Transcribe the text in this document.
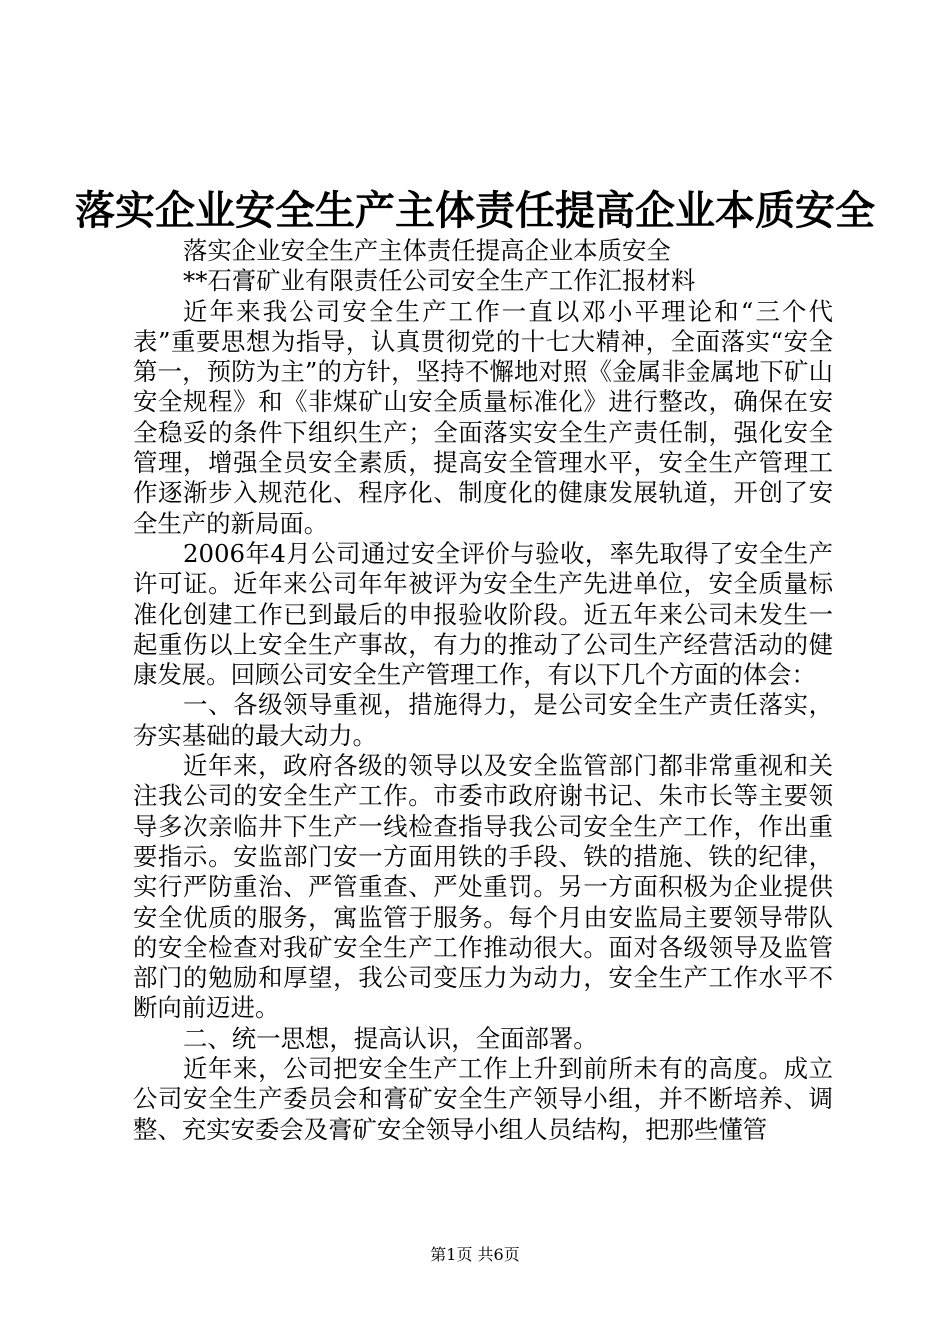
落实企业安全生产主体责任提高企业本质安全

落实企业安全生产主体责任提高企业本质安全

**石膏矿业有限责任公司安全生产工作汇报材料

近年来我公司安全生产工作一直以邓小平理论和“三个代表”重要思想为指导，认真贯彻党的十七大精神，全面落实“安全第一，预防为主”的方针，坚持不懈地对照《金属非金属地下矿山安全规程》和《非煤矿山安全质量标准化》进行整改，确保在安全稳妥的条件下组织生产；全面落实安全生产责任制，强化安全管理，增强全员安全素质，提高安全管理水平，安全生产管理工作逐渐步入规范化、程序化、制度化的健康发展轨道，开创了安全生产的新局面。

2006年4月公司通过安全评价与验收，率先取得了安全生产许可证。近年来公司年年被评为安全生产先进单位，安全质量标准化创建工作已到最后的申报验收阶段。近五年来公司未发生一起重伤以上安全生产事故，有力的推动了公司生产经营活动的健康发展。回顾公司安全生产管理工作，有以下几个方面的体会：

一、各级领导重视，措施得力，是公司安全生产责任落实，夯实基础的最大动力。

近年来，政府各级的领导以及安全监管部门都非常重视和关注我公司的安全生产工作。市委市政府谢书记、朱市长等主要领导多次亲临井下生产一线检查指导我公司安全生产工作，作出重要指示。安监部门安一方面用铁的手段、铁的措施、铁的纪律，实行严防重治、严管重查、严处重罚。另一方面积极为企业提供安全优质的服务，寓监管于服务。每个月由安监局主要领导带队的安全检查对我矿安全生产工作推动很大。面对各级领导及监管部门的勉励和厚望，我公司变压力为动力，安全生产工作水平不断向前迈进。

二、统一思想，提高认识，全面部署。

近年来，公司把安全生产工作上升到前所未有的高度。成立公司安全生产委员会和膏矿安全生产领导小组，并不断培养、调整、充实安委会及膏矿安全领导小组人员结构，把那些懂管

第1页 共6页
